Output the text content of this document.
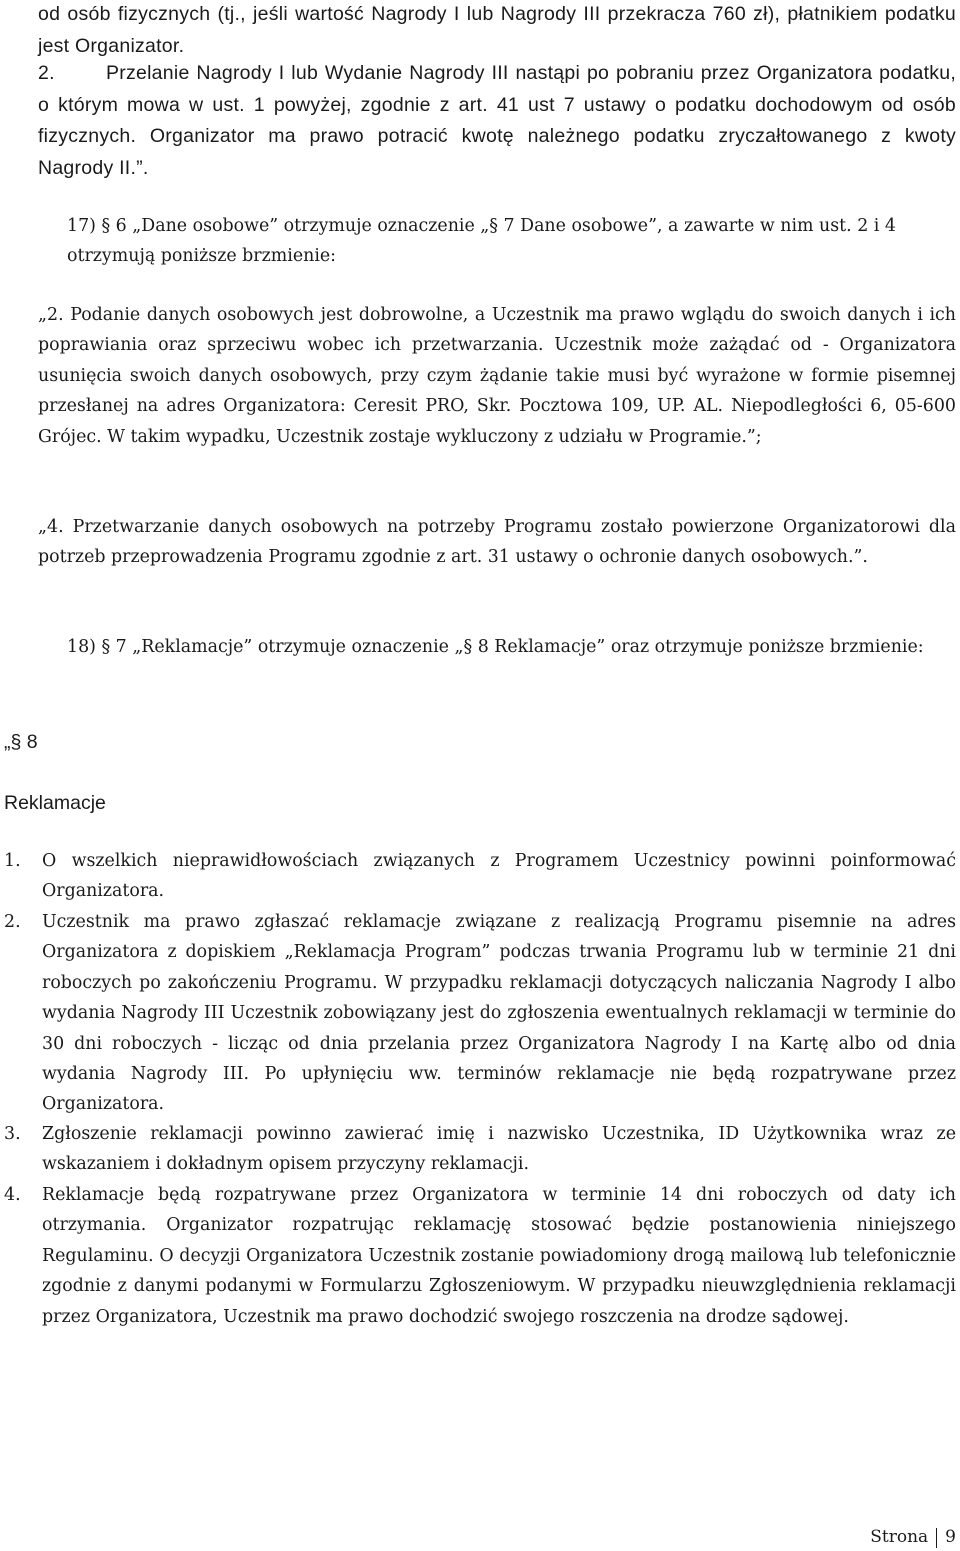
od osób fizycznych (tj., jeśli wartość Nagrody I lub Nagrody III przekracza 760 zł), płatnikiem podatku jest Organizator.

Przelanie Nagrody I lub Wydanie Nagrody III nastąpi po pobraniu przez Organizatora podatku, o którym mowa w ust. 1 powyżej, zgodnie z art. 41 ust 7 ustawy o podatku dochodowym od osób fizycznych. Organizator ma prawo potracić kwotę należnego podatku zryczałtowanego z kwoty Nagrody II.”.

2.

17) § 6 „Dane osobowe” otrzymuje oznaczenie „§ 7 Dane osobowe”, a zawarte w nim ust. 2 i 4 otrzymują poniższe brzmienie:

„2. Podanie danych osobowych jest dobrowolne, a Uczestnik ma prawo wglądu do swoich danych i ich poprawiania oraz sprzeciwu wobec ich przetwarzania. Uczestnik może zażądać od - Organizatora usunięcia swoich danych osobowych, przy czym żądanie takie musi być wyrażone w formie pisemnej przesłanej na adres Organizatora: Ceresit PRO, Skr. Pocztowa 109, UP. AL. Niepodległości 6, 05-600 Grójec. W takim wypadku, Uczestnik zostaje wykluczony z udziału w Programie.”;

„4. Przetwarzanie danych osobowych na potrzeby Programu zostało powierzone Organizatorowi dla potrzeb przeprowadzenia Programu zgodnie z art. 31 ustawy o ochronie danych osobowych.”.

18) § 7 „Reklamacje” otrzymuje oznaczenie „§ 8 Reklamacje” oraz otrzymuje poniższe brzmienie:

„§ 8
Reklamacje
1. O wszelkich nieprawidłowościach związanych z Programem Uczestnicy powinni poinformować Organizatora.
2. Uczestnik ma prawo zgłaszać reklamacje związane z realizacją Programu pisemnie na adres Organizatora z dopiskiem „Reklamacja Program” podczas trwania Programu lub w terminie 21 dni roboczych po zakończeniu Programu. W przypadku reklamacji dotyczących naliczania Nagrody I albo wydania Nagrody III Uczestnik zobowiązany jest do zgłoszenia ewentualnych reklamacji w terminie do 30 dni roboczych - licząc od dnia przelania przez Organizatora Nagrody I na Kartę albo od dnia wydania Nagrody III. Po upłynięciu ww. terminów reklamacje nie będą rozpatrywane przez Organizatora.
3. Zgłoszenie reklamacji powinno zawierać imię i nazwisko Uczestnika, ID Użytkownika wraz ze wskazaniem i dokładnym opisem przyczyny reklamacji.
4. Reklamacje będą rozpatrywane przez Organizatora w terminie 14 dni roboczych od daty ich otrzymania. Organizator rozpatrując reklamację stosować będzie postanowienia niniejszego Regulaminu. O decyzji Organizatora Uczestnik zostanie powiadomiony drogą mailową lub telefonicznie zgodnie z danymi podanymi w Formularzu Zgłoszeniowym. W przypadku nieuwzględnienia reklamacji przez Organizatora, Uczestnik ma prawo dochodzić swojego roszczenia na drodze sądowej.
Strona 9
